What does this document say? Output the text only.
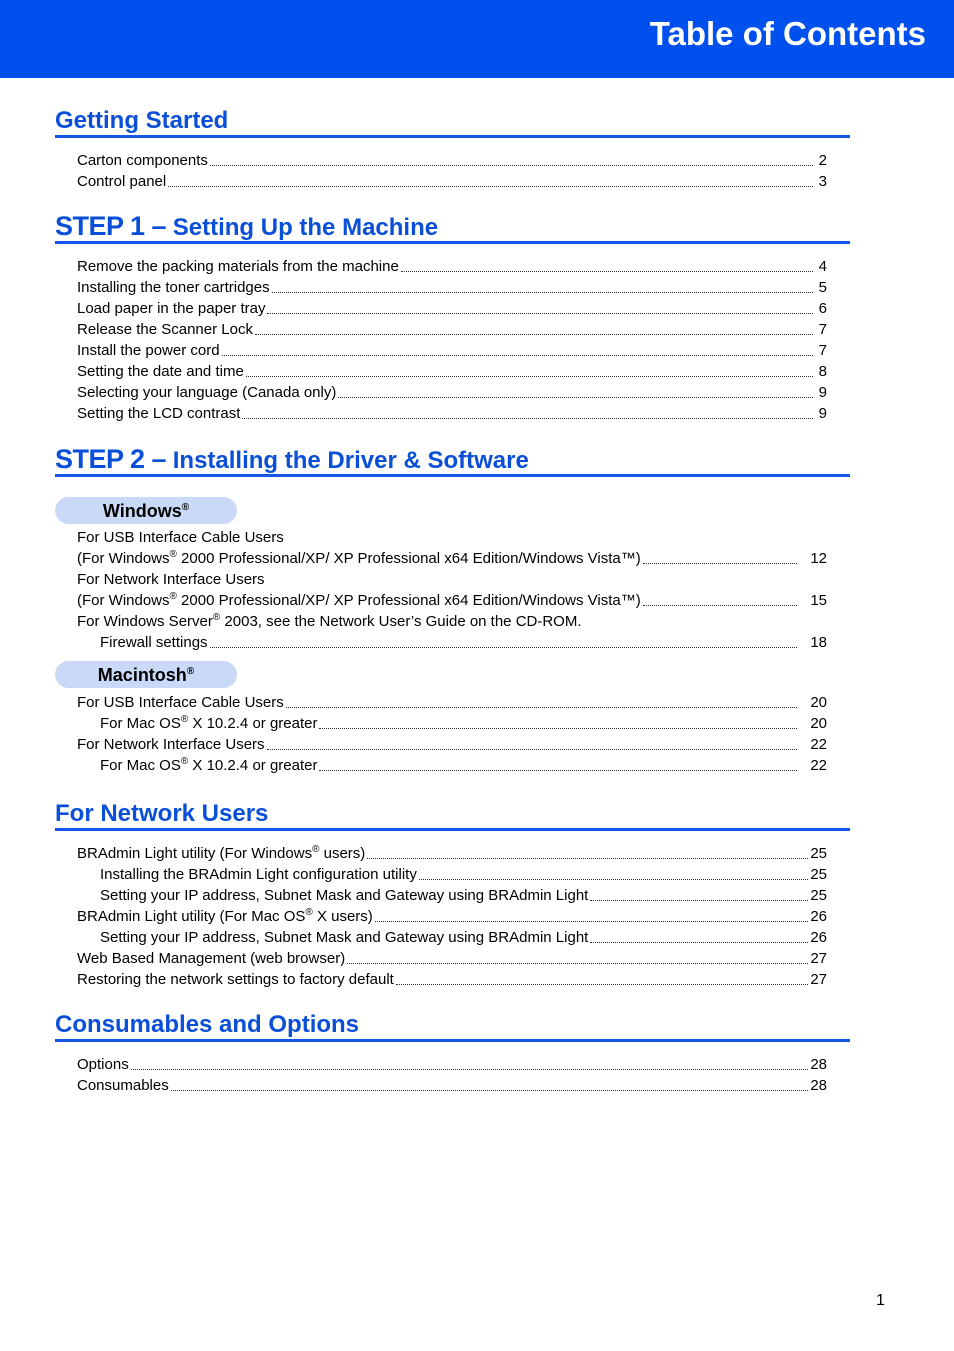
Table of Contents
Getting Started
Carton components	2
Control panel	3
STEP 1 – Setting Up the Machine
Remove the packing materials from the machine	4
Installing the toner cartridges	5
Load paper in the paper tray	6
Release the Scanner Lock	7
Install the power cord	7
Setting the date and time	8
Selecting your language (Canada only)	9
Setting the LCD contrast	9
STEP 2 – Installing the Driver & Software
Windows®
For USB Interface Cable Users
(For Windows® 2000 Professional/XP/ XP Professional x64 Edition/Windows Vista™)	12
For Network Interface Users
(For Windows® 2000 Professional/XP/ XP Professional x64 Edition/Windows Vista™)	15
For Windows Server® 2003, see the Network User’s Guide on the CD-ROM.
Firewall settings	18
Macintosh®
For USB Interface Cable Users	20
For Mac OS® X 10.2.4 or greater	20
For Network Interface Users	22
For Mac OS® X 10.2.4 or greater	22
For Network Users
BRAdmin Light utility (For Windows® users)	25
Installing the BRAdmin Light configuration utility	25
Setting your IP address, Subnet Mask and Gateway using BRAdmin Light	25
BRAdmin Light utility (For Mac OS® X users)	26
Setting your IP address, Subnet Mask and Gateway using BRAdmin Light	26
Web Based Management (web browser)	27
Restoring the network settings to factory default	27
Consumables and Options
Options	28
Consumables	28
1
